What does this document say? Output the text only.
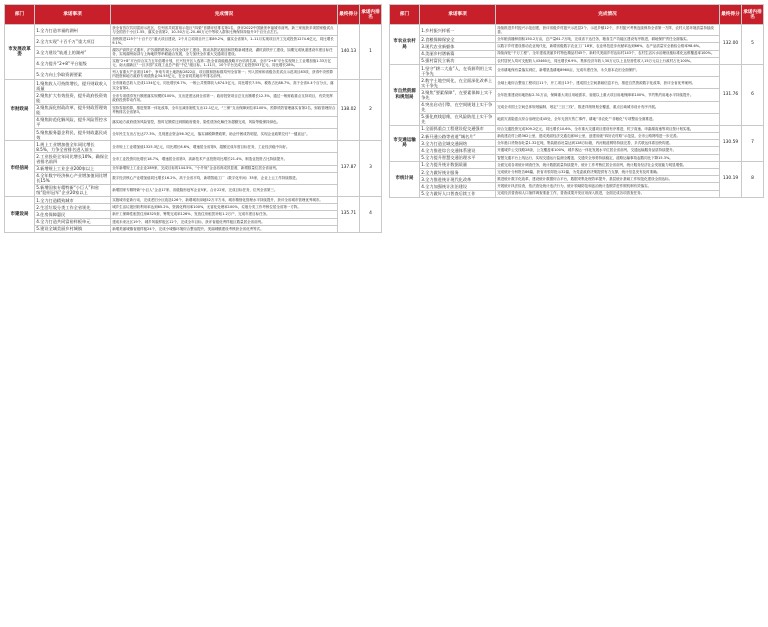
部门	承诺事项	完成情况	最终得分	承诺内排名
市发展改革委	1.全力打造幸福的湖州	获全省首次共同富裕示范区，位列省共同富裕示范区“四梁”首期评估排名第1名，获评2022中国最美幸福城市前列。新三家庭获多项国家级试点与全国首个小区1.55，落实全省第2，10–50万元–20–60万元中等收入群体比例保持持续升3个百分点左右。	140.13	1
	2.全力实现“十百千万”重大项目	加快推进125个“十百千万”重大项目建设，2个月立项项目开工率89.2%，落实全省第3，1–11月实现项目开工完成投资1274.6亿元，同比增长9.1%。		
	3.全力建设“轨道上的湖州”	湖苏沪高铁正式通车，沪苏湖铁路客运专线全线开工建设，推动高铁站枢纽和铁路新城建设，湖杭高铁开工建设，如期完成轨道建设年度目标任务，实现湖州南浔与上海地铁等串联融合发展，全力加快全市重大交通项目建设。		
	4.全力提升“2+8”平台能级	实施“2+8”平台综合实力五年倍增计划，长兴经开区入选第二批全省高能级战略平台培育名单，全市“2+8”平台实现规上工业增加值1.33万亿元，南太湖新区“一区多园”实现工业总产值“千亿”级目标。1–11月，10个平台完成工业投资537亿元、同比增长28%。		
	5.全力向上争取资源要素	列入省重大产业项目16个，争取专项土地指标2822亩，项目数和指标数均列全省第一；列入国家和省级各类试点示范项目83项，获得中央预算内投资和地方政府专项债资金34.55亿元，在全省同类地市中排名前列。		
市财政局	1.聚焦收入可持续增长，提升财政收入质量	全市财政总收入完成1134亿元，同比增长6.7%，一般公共预算收入674.5亿元，同比增长7.5%，税收占比88.7%，高于全省0.4个百分点，落实全省第2。	138.02	2
	2.聚焦扩大有效投资，提升政府投资效能	全市专项债券发行额度落实规模的100%，支出进度达到全省第一；政府投资项目总支出额增长12.3%，通过一般财政重点支持项目，有效发挥政府投资带动作用。		
	3.聚焦深化财政改革，提升财政管理效能	坚持零基预算，推进预算一体化改革，全年压减非刚性支出12.1亿元，“三保”支出保障到位率100%，预算绩效管理落实省第2名，财政管理综合考核排名全省第3。		
	4.聚焦防范化解风险，提升风险管控水平	落实地方政府债务风险管控，按时足额偿还到期政府债务，隐性债务化解任务超额完成，风险等级保持绿色。		
	5.聚焦服务惠企利民，提升财政惠民成效	全年民生支出占比达77.3%，兑现惠企资金56.3亿元，落实减税降费政策，助企纾困成效明显，实现企业政策兑付“一键直达”。		
市经信局	1.规上工业增加值全年同比增长8.5%，力争全省排名进入前五	全市规上工业增加值1325.3亿元，同比增长8.6%，增速居全省第5，超额完成年度目标任务，工业经济稳中向好。	137.87	3
	2.工业投资全年同比增长10%，确保全省排名前四	全市工业投资同比增长18.7%，增速居全省第3，高新技术产业投资同比增长21.4%，制造业投资占比持续提升。		
	3.新增规上工业企业200家以上	全年新增规上工业企业289家，完成目标的144.5%，“小升规”企业培育成效显著，新增数量位居全省前列。		
	4.全年数字经济核心产业增加值同比增长15%	数字经济核心产业增加值同比增长16.2%，高于全省平均，新增智能工厂（数字化车间）35家，企业上云工作持续推进。		
	5.新增国家专精特新“小巨人”和省级“隐形冠军”企业20家以上	新增国家专精特新“小巨人”企业17家、省级隐形冠军企业5家，合计22家，完成目标任务，位列全省第三。		
市建设局	1.全力打造精致城市	实施城市更新行动，完成老旧小区改造126个，新增城市绿地52万平方米，城市精细化管理水平持续提升，获评全省城市管理优秀城市。	135.71	4
	2.生活垃圾分类工作全省领先	城乡生活垃圾回收利用率达到65.2%，资源化利用率100%，无害化处理率100%，垃圾分类工作考核位居全省第一方阵。		
	3.住房保障惠民	新开工保障性租赁住房8325套，筹集完成率126%，发放住房租赁补贴1.2万户，完成年度目标任务。		
	4.全力打造共同富裕样板单元	建成未来社区19个、城乡风貌样板区12个，完成全年目标，获评省级优秀样板区数量居全省前列。		
	5.建设全域美丽乡村城镇	新增美丽城镇省级样板24个，完成小城镇环境综合整治提升，美丽城镇建设考核获全省优秀等次。		
部门	承诺事项	完成情况	最终得分	承诺内排名
市农业农村局	1.乡村振兴样板一	持续推进乡村振兴示范创建，获评省级乡村振兴示范县2个、示范乡镇12个，乡村振兴考核连续保持全省第一方阵，农村人居环境质量持续改善。	132.00	5
	2.食粮保障保安全	全年粮食播种面积150.2万亩，总产量61.7万吨，完成省下达任务，粮食生产功能区建设有序推进，耕地保护责任全面落实。		
	3.现代农业新躯体	以数字乡村建设推动农业现代化，新增省级数字农业工厂18家，农业科技进步贡献率达到66%，农产品质量安全抽检合格率98.6%。		
	4.美丽乡村谱新篇	持续深化“千万工程”，全年建成美丽乡村特色精品村45个、新时代美丽乡村达标村143个，农村生活污水治理设施标准化运维覆盖率100%。		
	5.强村富民立新功	农村居民人均可支配收入43460元，同比增长6.9%，集体经济年收入30万元以上且经营性收入15万元以上行政村占比100%。		
市自然资源和规划局	1.坚守“耕二大造”人，在资源利用上实干争先	全市耕地保有量落实到位，新增垦造耕地8960亩，完成年度任务，永久基本农田全面保护。	131.76	6
	2.数字土地空间化，在全面深化改革上实干争先	全域土地综合整治工程项目11个，开工项目13个，建成国土空间基础信息平台，推进自然资源数字化改革，获评全省优秀案例。		
	3.聚焦“要素保障”，在要素保障上实干争先	全年批准建设用地指标2.31万亩，保障重大项目用地需求，省级以上重大项目用地保障率100%，节约集约用地水平持续提升。		
	4.突出启动引擎，在空间规划上实干争先	完成全市国土空间总体规划编制，划定“三区三线”，推进详细规划全覆盖，重点区域城市设计有序开展。		
	5.强化底线思维，在风险防范上实干争先	地质灾害隐患点综合治理完成45处，全年无因灾伤亡事件，耕地“非农化”“非粮化”专项整治全面推进。		
市交通运输局	1.全面抓重点工程建设促交通强市	综合交通投资完成309.2亿元，同比增长10.6%，全市重大交通项目建设有序推进，杭宁高速、申嘉湖高速等项目按计划实施。	130.59	7
	2.新开通公路等省道“城名片”	新改建农村公路362公里，建成美丽经济交通走廊50公里，创建省级“四好农村路”示范县，全市公路网络进一步完善。		
	3.全力打造全域交通网络	全年港口货物吞吐量1.32亿吨，集装箱吞吐量达到128万标箱，内河航道网络持续完善，多式联运体系加快构建。		
	4.全力推进综合交通体系建设	开通城乡公交线路28条，公交覆盖率100%，城乡客运一体化发展水平位居全省前列，交通运输服务品质持续提升。		
	5.全力提升智慧交通治理水平	智慧交通平台上线运行，实现交通运行监测全覆盖，交通安全形势持续稳定，道路运输事故起数同比下降15.3%。		
市统计局	1.全力提升统计数据质量	全面完成各项统计调查任务，统计数据质量持续提升，统计工作考核位居全省前列，统计服务经济社会发展能力明显增强。	130.19	8
	2.全力做好统计服务	完成统计分析报告86篇，获省市领导批示32篇，为党委政府决策提供有力支撑，统计信息发布及时准确。		
	3.全力推进统计现代化改革	推进统计数字化改革，建设统计数据综合平台，数据采集处理效率提升，基层统计基础工作规范化建设全面达标。		
	4.全力加强统计法治建设	开展统计执法检查，依法查处统计违法行为，统计领域防范和惩治统计造假弄虚作假机制有效落实。		
	5.全力做好人口普查后续工作	完成经济普查和人口抽样调查准备工作，普查成果开发应用深入推进，全面完成各项普查任务。		
